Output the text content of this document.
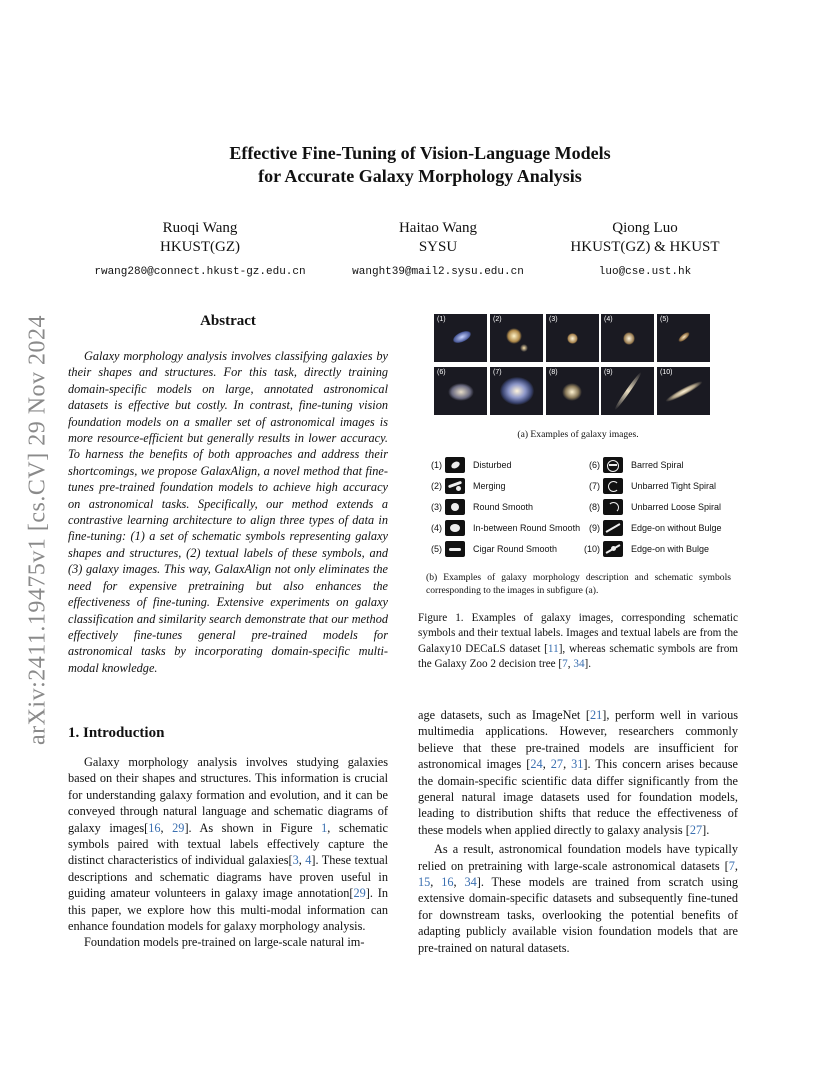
arXiv:2411.19475v1 [cs.CV] 29 Nov 2024
Effective Fine-Tuning of Vision-Language Models
for Accurate Galaxy Morphology Analysis
Ruoqi Wang
HKUST(GZ)
rwang280@connect.hkust-gz.edu.cn
Haitao Wang
SYSU
wanght39@mail2.sysu.edu.cn
Qiong Luo
HKUST(GZ) & HKUST
luo@cse.ust.hk
Abstract

Galaxy morphology analysis involves classifying galaxies by their shapes and structures. For this task, directly training domain-specific models on large, annotated astronomical datasets is effective but costly. In contrast, fine-tuning vision foundation models on a smaller set of astronomical images is more resource-efficient but generally results in lower accuracy. To harness the benefits of both approaches and address their shortcomings, we propose GalaxAlign, a novel method that fine-tunes pre-trained foundation models to achieve high accuracy on astronomical tasks. Specifically, our method extends a contrastive learning architecture to align three types of data in fine-tuning: (1) a set of schematic symbols representing galaxy shapes and structures, (2) textual labels of these symbols, and (3) galaxy images. This way, GalaxAlign not only eliminates the need for expensive pretraining but also enhances the effectiveness of fine-tuning. Extensive experiments on galaxy classification and similarity search demonstrate that our method effectively fine-tunes general pre-trained models for astronomical tasks by incorporating domain-specific multi-modal knowledge.

1. Introduction

Galaxy morphology analysis involves studying galaxies based on their shapes and structures. This information is crucial for understanding galaxy formation and evolution, and it can be conveyed through natural language and schematic diagrams of galaxy images[16, 29]. As shown in Figure 1, schematic symbols paired with textual labels effectively capture the distinct characteristics of individual galaxies[3, 4]. These textual descriptions and schematic diagrams have proven useful in guiding amateur volunteers in galaxy image annotation[29]. In this paper, we explore how this multi-modal information can enhance foundation models for galaxy morphology analysis.

Foundation models pre-trained on large-scale natural im-

age datasets, such as ImageNet [21], perform well in various multimedia applications. However, researchers commonly believe that these pre-trained models are insufficient for astronomical images [24, 27, 31]. This concern arises because the domain-specific scientific data differ significantly from the general natural image datasets used for foundation models, leading to distribution shifts that reduce the effectiveness of these models when applied directly to galaxy analysis [27].

As a result, astronomical foundation models have typically relied on pretraining with large-scale astronomical datasets [7, 15, 16, 34]. These models are trained from scratch using extensive domain-specific datasets and subsequently fine-tuned for downstream tasks, overlooking the potential benefits of adapting publicly available vision foundation models that are pre-trained on natural datasets.

(1)	(2)	(3)	(4)	(5)
(6)	(7)	(8)	(9)	(10)
(a) Examples of galaxy images.
(1)	Disturbed
(2)	Merging
(3)	Round Smooth
(4)	In-between Round Smooth
(5)	Cigar Round Smooth
(6)	Barred Spiral
(7)	Unbarred Tight Spiral
(8)	Unbarred Loose Spiral
(9)	Edge-on without Bulge
(10)	Edge-on with Bulge
(b) Examples of galaxy morphology description and schematic symbols corresponding to the images in subfigure (a).
Figure 1. Examples of galaxy images, corresponding schematic symbols and their textual labels. Images and textual labels are from the Galaxy10 DECaLS dataset [11], whereas schematic symbols are from the Galaxy Zoo 2 decision tree [7, 34].
